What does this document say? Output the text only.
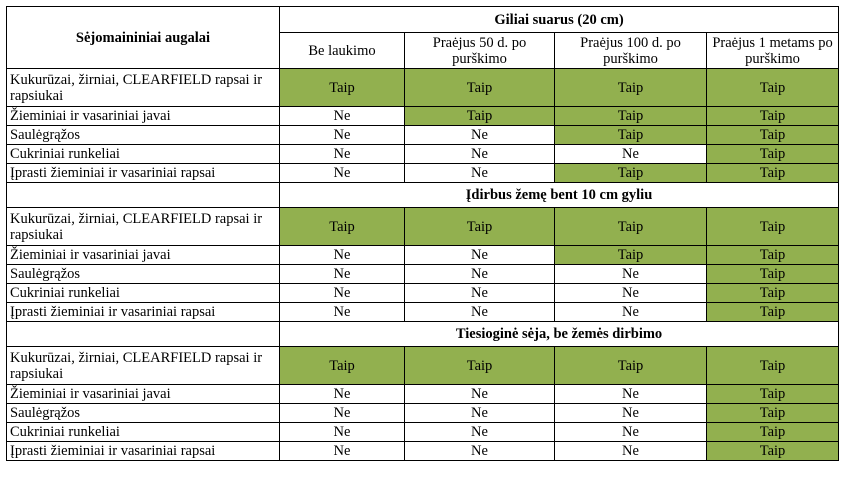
Sėjomaininiai augalai	Giliai suarus (20 cm)			
	Be laukimo	Praėjus 50 d. po purškimo	Praėjus 100 d. po purškimo	Praėjus 1 metams po purškimo
Kukurūzai, žirniai, CLEARFIELD rapsai ir rapsiukai	Taip	Taip	Taip	Taip
Žieminiai ir vasariniai javai	Ne	Taip	Taip	Taip
Saulėgrąžos	Ne	Ne	Taip	Taip
Cukriniai runkeliai	Ne	Ne	Ne	Taip
Įprasti žieminiai ir vasariniai rapsai	Ne	Ne	Taip	Taip
	Įdirbus žemę bent 10 cm gyliu			
Kukurūzai, žirniai, CLEARFIELD rapsai ir rapsiukai	Taip	Taip	Taip	Taip
Žieminiai ir vasariniai javai	Ne	Ne	Taip	Taip
Saulėgrąžos	Ne	Ne	Ne	Taip
Cukriniai runkeliai	Ne	Ne	Ne	Taip
Įprasti žieminiai ir vasariniai rapsai	Ne	Ne	Ne	Taip
	Tiesioginė sėja, be žemės dirbimo			
Kukurūzai, žirniai, CLEARFIELD rapsai ir rapsiukai	Taip	Taip	Taip	Taip
Žieminiai ir vasariniai javai	Ne	Ne	Ne	Taip
Saulėgrąžos	Ne	Ne	Ne	Taip
Cukriniai runkeliai	Ne	Ne	Ne	Taip
Įprasti žieminiai ir vasariniai rapsai	Ne	Ne	Ne	Taip
